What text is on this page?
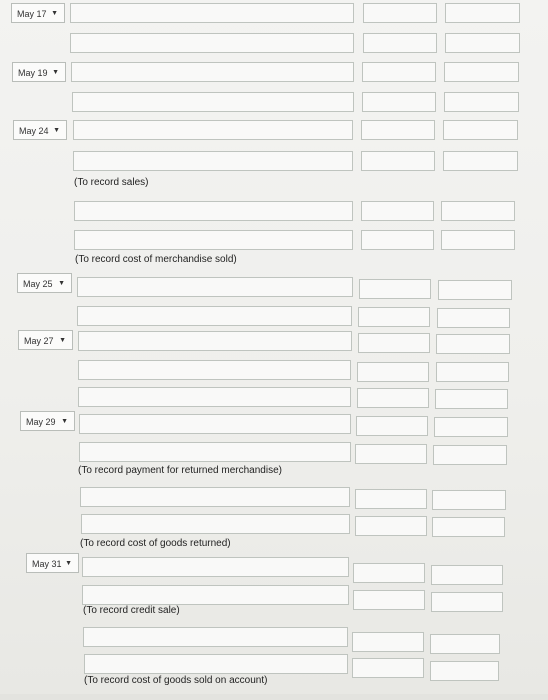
May 17 ▼
May 19 ▼
May 24 ▼
(To record sales)
(To record cost of merchandise sold)
May 25 ▼
May 27 ▼
May 29 ▼
(To record payment for returned merchandise)
(To record cost of goods returned)
May 31 ▼
(To record credit sale)
(To record cost of goods sold on account)
